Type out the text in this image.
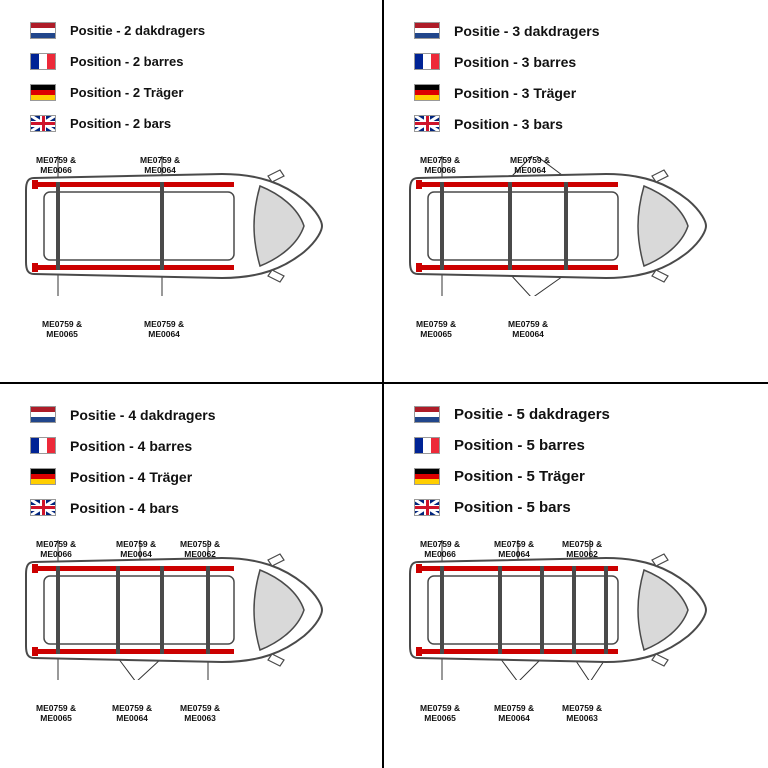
Positie - 2 dakdragers
Position - 2 barres
Position - 2 Träger
Position - 2 bars
ME0759 &
ME0066
ME0759 &
ME0064
ME0759 &
ME0065
ME0759 &
ME0064
Positie - 3 dakdragers
Position - 3 barres
Position - 3 Träger
Position - 3 bars
ME0759 &
ME0066
ME0759 &
ME0064
ME0759 &
ME0065
ME0759 &
ME0064
Positie - 4 dakdragers
Position - 4 barres
Position - 4 Träger
Position - 4 bars
ME0759 &
ME0066
ME0759 &
ME0064
ME0759 &
ME0062
ME0759 &
ME0065
ME0759 &
ME0064
ME0759 &
ME0063
Positie - 5 dakdragers
Position - 5 barres
Position - 5 Träger
Position - 5 bars
ME0759 &
ME0066
ME0759 &
ME0064
ME0759 &
ME0062
ME0759 &
ME0065
ME0759 &
ME0064
ME0759 &
ME0063
